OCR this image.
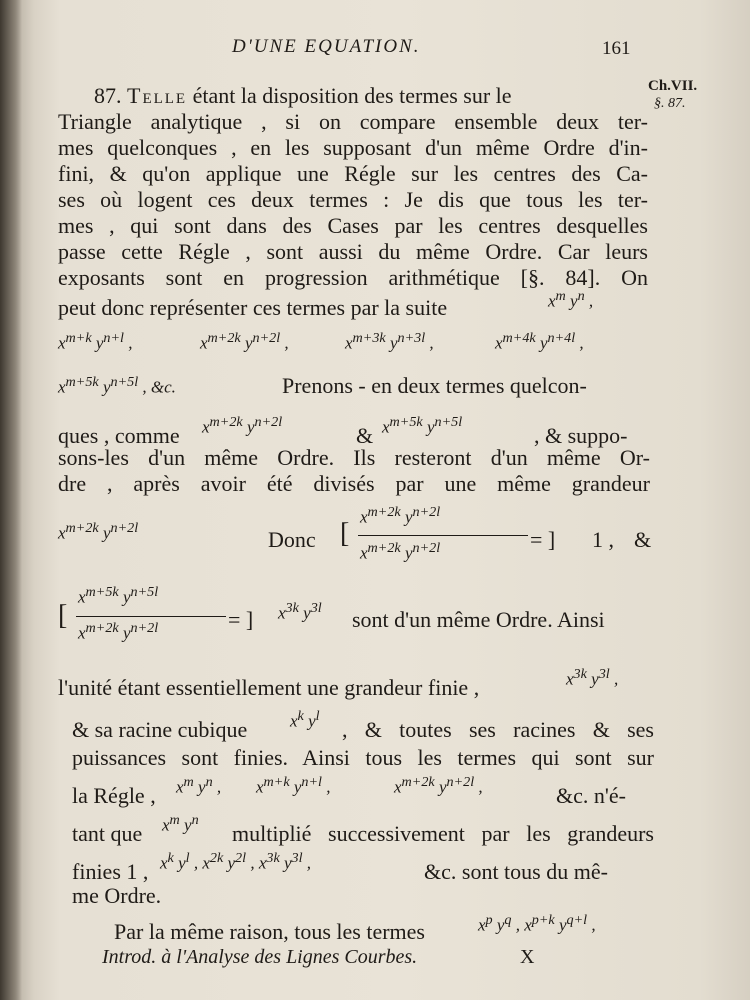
D'UNE EQUATION.	161
Ch.VII.
§. 87.
87. Telle étant la disposition des termes sur le
Triangle analytique , si on compare ensemble deux ter-
mes quelconques , en les supposant d'un même Ordre d'in-
fini, & qu'on applique une Régle sur les centres des Ca-
ses où logent ces deux termes : Je dis que tous les ter-
mes , qui sont dans des Cases par les centres desquelles
passe cette Régle , sont aussi du même Ordre. Car leurs
exposants sont en progression arithmétique [§. 84]. On
peut donc représenter ces termes par la suite	$x^m$ $y^n$ ,
$x^{m+k}$ $y^{n+l}$ ,	$x^{m+2k}$ $y^{n+2l}$ ,	$x^{m+3k}$ $y^{n+3l}$ ,	$x^{m+4k}$ $y^{n+4l}$ ,
$x^{m+5k}$ $y^{n+5l}$ , &c.	Prenons - en deux termes quelcon-
ques , comme	$x^{m+2k}$ $y^{n+2l}$
& $x^{m+5k}$ $y^{n+5l}$
, & suppo-
sons-les d'un même Ordre. Ils resteront d'un même Or-
dre , après avoir été divisés par une même grandeur
$x^{m+2k}$ $y^{n+2l}$	Donc [
$x^{m+2k}$ $y^{n+2l}$
$x^{m+2k}$ $y^{n+2l}$	= ]	1 , &
[
$x^{m+5k}$ $y^{n+5l}$
$x^{m+2k}$ $y^{n+2l}$	= ]	$x^{3k}$ $y^{3l}$ sont d'un même Ordre. Ainsi
l'unité étant essentiellement une grandeur finie ,	$x^{3k}$ $y^{3l}$ ,
& sa racine cubique	$x^k$ $y^l$
, & toutes ses racines & ses
puissances sont finies. Ainsi tous les termes qui sont sur
la Régle ,	$x^m$ $y^n$ , $x^{m+k}$ $y^{n+l}$ ,	$x^{m+2k}$ $y^{n+2l}$ ,	&c. n'é-
tant que	$x^m$ $y^n$
multiplié successivement par les grandeurs
finies 1 , $x^k$ $y^l$ , $x^{2k}$ $y^{2l}$ , $x^{3k}$ $y^{3l}$ ,	&c. sont tous du mê-
me Ordre.
Par la même raison, tous les termes	$x^p$ $y^q$ , $x^{p+k}$ $y^{q+l}$ ,
Introd. à l'Analyse des Lignes Courbes.	X
